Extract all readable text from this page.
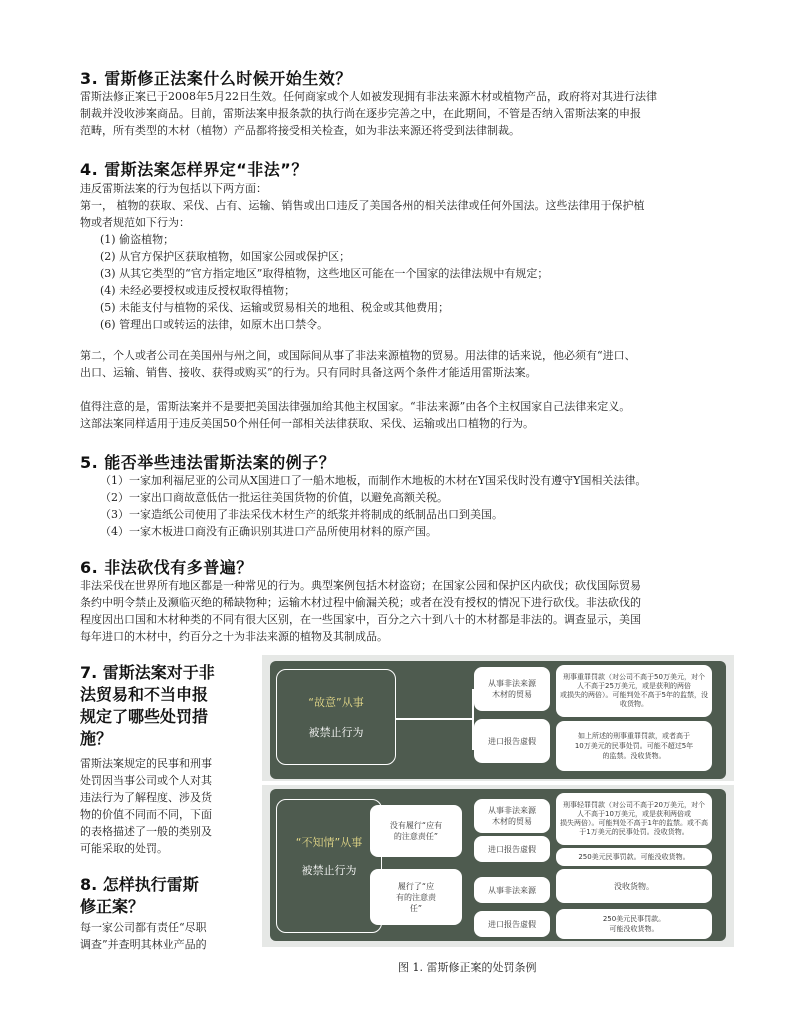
3. 雷斯修正法案什么时候开始生效？
雷斯法修正案已于2008年5月22日生效。任何商家或个人如被发现拥有非法来源木材或植物产品，政府将对其进行法律
制裁并没收涉案商品。目前，雷斯法案申报条款的执行尚在逐步完善之中，在此期间，不管是否纳入雷斯法案的申报
范畴，所有类型的木材（植物）产品都将接受相关检查，如为非法来源还将受到法律制裁。
4. 雷斯法案怎样界定“非法”？
违反雷斯法案的行为包括以下两方面：
第一， 植物的获取、采伐、占有、运输、销售或出口违反了美国各州的相关法律或任何外国法。这些法律用于保护植
物或者规范如下行为：
(1) 偷盗植物；
(2) 从官方保护区获取植物，如国家公园或保护区；
(3) 从其它类型的“官方指定地区”取得植物，这些地区可能在一个国家的法律法规中有规定；
(4) 未经必要授权或违反授权取得植物；
(5) 未能支付与植物的采伐、运输或贸易相关的地租、税金或其他费用；
(6) 管理出口或转运的法律，如原木出口禁令。
第二，个人或者公司在美国州与州之间，或国际间从事了非法来源植物的贸易。用法律的话来说，他必须有“进口、
出口、运输、销售、接收、获得或购买”的行为。只有同时具备这两个条件才能适用雷斯法案。
值得注意的是，雷斯法案并不是要把美国法律强加给其他主权国家。“非法来源”由各个主权国家自己法律来定义。
这部法案同样适用于违反美国50个州任何一部相关法律获取、采伐、运输或出口植物的行为。
5. 能否举些违法雷斯法案的例子？
（1）一家加利福尼亚的公司从X国进口了一船木地板，而制作木地板的木材在Y国采伐时没有遵守Y国相关法律。
（2）一家出口商故意低估一批运往美国货物的价值，以避免高额关税。
（3）一家造纸公司使用了非法采伐木材生产的纸浆并将制成的纸制品出口到美国。
（4）一家木板进口商没有正确识别其进口产品所使用材料的原产国。
6. 非法砍伐有多普遍？
非法采伐在世界所有地区都是一种常见的行为。典型案例包括木材盗窃；在国家公园和保护区内砍伐；砍伐国际贸易
条约中明令禁止及濒临灭绝的稀缺物种；运输木材过程中偷漏关税；或者在没有授权的情况下进行砍伐。非法砍伐的
程度因出口国和木材种类的不同有很大区别，在一些国家中，百分之六十到八十的木材都是非法的。调查显示，美国
每年进口的木材中，约百分之十为非法来源的植物及其制成品。
7. 雷斯法案对于非
法贸易和不当申报
规定了哪些处罚措
施？
雷斯法案规定的民事和刑事
处罚因当事公司或个人对其
违法行为了解程度、涉及货
物的价值不同而不同，下面
的表格描述了一般的类别及
可能采取的处罚。
8. 怎样执行雷斯
修正案？
每一家公司都有责任“尽职
调查”并查明其林业产品的
“故意”从事
被禁止行为
从事非法来源
木材的贸易
进口报告虚假
刑事重罪罚款（对公司不高于50万美元，对个人不高于25万美元，或是获利的两倍
或损失的两倍）。可能判处不高于5年的监禁，没收货物。
如上所述的刑事重罪罚款，或者高于
10万美元的民事处罚。可能不超过5年
的监禁。没收货物。
“不知情”从事
被禁止行为
没有履行“应有
的注意责任”
履行了“应
有的注意责
任”
从事非法来源
木材的贸易
进口报告虚假
从事非法来源
进口报告虚假
刑事轻罪罚款（对公司不高于20万美元，对个人不高于10万美元，或是获利两倍或
损失两倍）。可能判处不高于1年的监禁。或不高于1万美元的民事处罚。没收货物。
250美元民事罚款。可能没收货物。
没收货物。
250美元民事罚款。
可能没收货物。

图 1. 雷斯修正案的处罚条例
